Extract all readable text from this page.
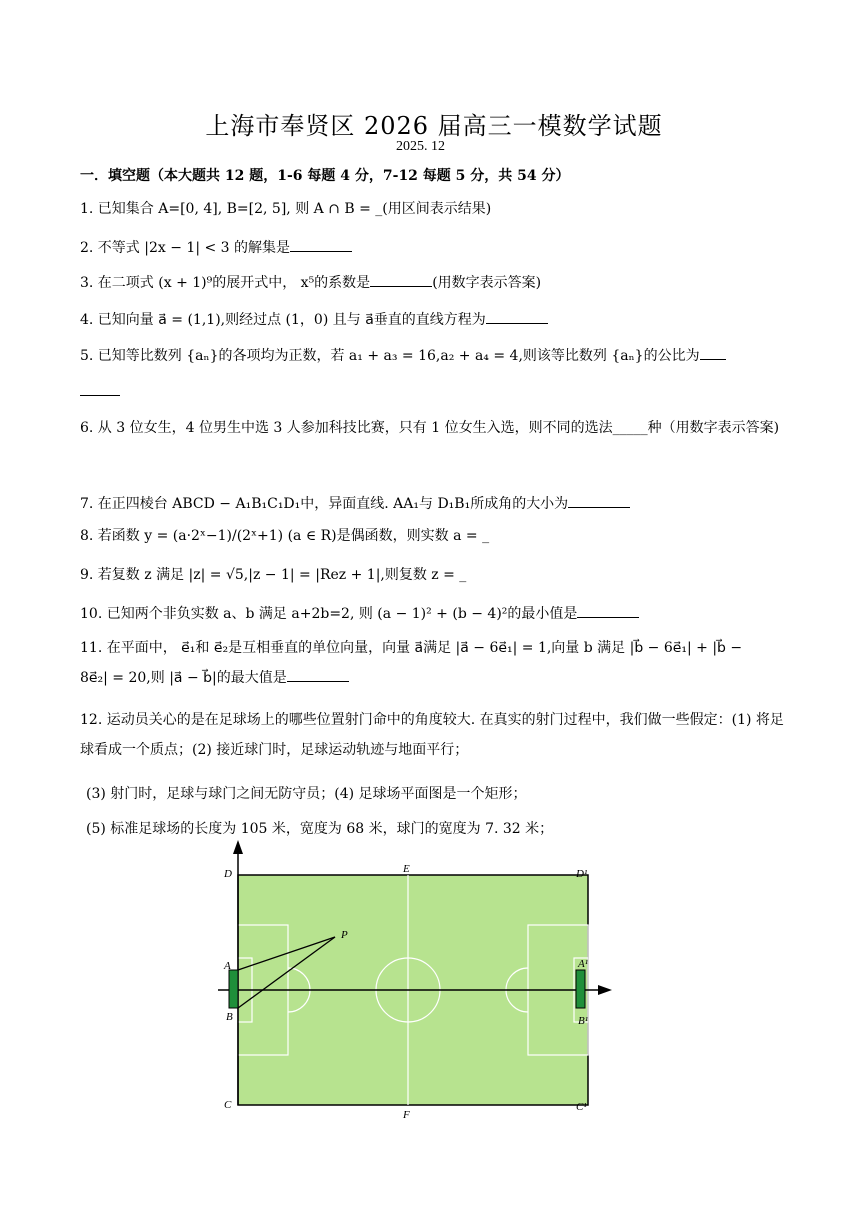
上海市奉贤区 2026 届高三一模数学试题
2025. 12
一．填空题（本大题共 12 题，1-6 每题 4 分，7-12 每题 5 分，共 54 分）
1. 已知集合 A=[0, 4], B=[2, 5], 则 A ∩ B = _(用区间表示结果)
2. 不等式 |2x − 1| < 3 的解集是
3. 在二项式 (x + 1)⁹的展开式中， x⁵的系数是	(用数字表示答案)
4. 已知向量 a⃗ = (1,1),则经过点 (1，0) 且与 a⃗垂直的直线方程为
5. 已知等比数列 {aₙ}的各项均为正数，若 a₁ + a₃ = 16,a₂ + a₄ = 4,则该等比数列 {aₙ}的公比为
6. 从 3 位女生，4 位男生中选 3 人参加科技比赛，只有 1 位女生入选，则不同的选法_____种（用数字表示答案)
7. 在正四棱台 ABCD − A₁B₁C₁D₁中，异面直线. AA₁与 D₁B₁所成角的大小为
8. 若函数 y = (a·2ˣ−1)/(2ˣ+1) (a ∈ R)是偶函数，则实数 a = _
9. 若复数 z 满足 |z| = √5,|z − 1| = |Rez + 1|,则复数 z = _
10. 已知两个非负实数 a、b 满足 a+2b=2, 则 (a − 1)² + (b − 4)²的最小值是
11. 在平面中， e⃗₁和 e⃗₂是互相垂直的单位向量，向量 a⃗满足 |a⃗ − 6e⃗₁| = 1,向量 b 满足 |b⃗ − 6e⃗₁| + |b⃗ − 8e⃗₂| = 20,则 |a⃗ − b⃗|的最大值是
12. 运动员关心的是在足球场上的哪些位置射门命中的角度较大. 在真实的射门过程中，我们做一些假定：(1) 将足球看成一个质点；(2) 接近球门时，足球运动轨迹与地面平行；
(3) 射门时，足球与球门之间无防守员；(4) 足球场平面图是一个矩形；
(5) 标准足球场的长度为 105 米，宽度为 68 米，球门的宽度为 7. 32 米；
D	E	D¹
P
A	A¹
B	B¹
C
F
C¹
